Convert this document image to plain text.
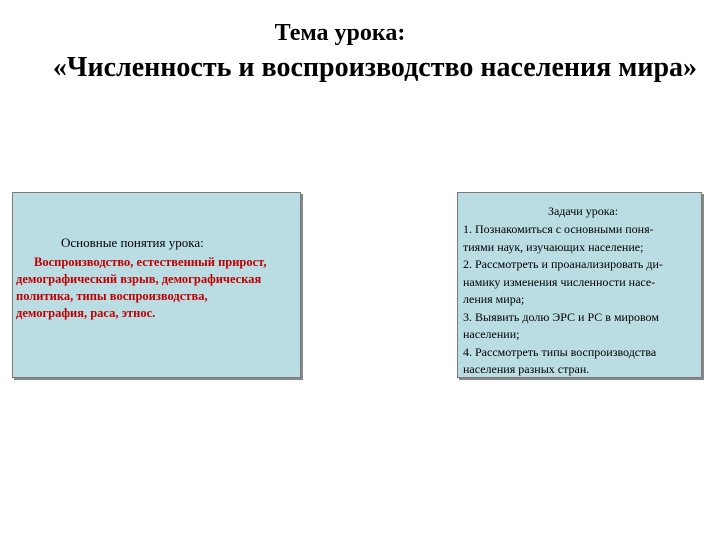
Тема урока:
«Численность и воспроизводство населения мира»
Основные понятия урока:
Воспроизводство, естественный прирост,
демографический взрыв, демографическая
политика, типы воспроизводства,
демография, раса, этнос.
Задачи урока:
1. Познакомиться с основными поня-
тиями наук, изучающих население;
2. Рассмотреть и проанализировать ди-
намику изменения численности насе-
ления мира;
3. Выявить долю ЭРС и РС в мировом
населении;
4. Рассмотреть типы воспроизводства
населения разных стран.
